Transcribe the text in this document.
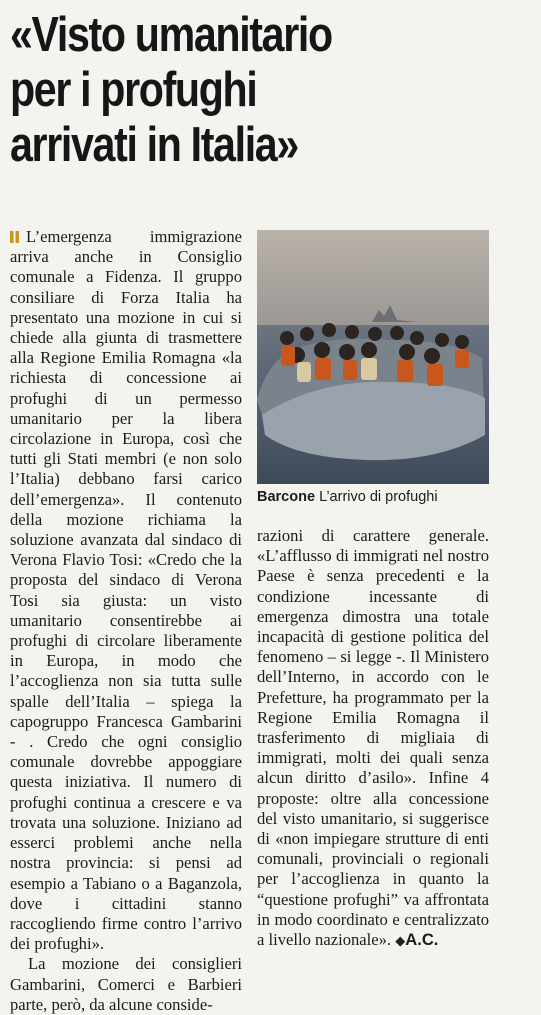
«Visto umanitario
per i profughi
arrivati in Italia»

L’emergenza immigrazione arriva anche in Consiglio comunale a Fidenza. Il gruppo consiliare di Forza Italia ha presentato una mozione in cui si chiede alla giunta di trasmettere alla Regione Emilia Romagna «la richiesta di concessione ai profughi di un permesso umanitario per la libera circolazione in Europa, così che tutti gli Stati membri (e non solo l’Italia) debbano farsi carico dell’emergenza». Il contenuto della mozione richiama la soluzione avanzata dal sindaco di Verona Flavio Tosi: «Credo che la proposta del sindaco di Verona Tosi sia giusta: un visto umanitario consentirebbe ai profughi di circolare liberamente in Europa, in modo che l’accoglienza non sia tutta sulle spalle dell’Italia – spiega la capogruppo Francesca Gambarini - . Credo che ogni consiglio comunale dovrebbe appoggiare questa iniziativa. Il numero di profughi continua a crescere e va trovata una soluzione. Iniziano ad esserci problemi anche nella nostra provincia: si pensi ad esempio a Tabiano o a Baganzola, dove i cittadini stanno raccogliendo firme contro l’arrivo dei profughi».

La mozione dei consiglieri Gambarini, Comerci e Barbieri parte, però, da alcune conside-

Barcone L’arrivo di profughi

razioni di carattere generale. «L’afflusso di immigrati nel nostro Paese è senza precedenti e la condizione incessante di emergenza dimostra una totale incapacità di gestione politica del fenomeno – si legge -. Il Ministero dell’Interno, in accordo con le Prefetture, ha programmato per la Regione Emilia Romagna il trasferimento di migliaia di immigrati, molti dei quali senza alcun diritto d’asilo». Infine 4 proposte: oltre alla concessione del visto umanitario, si suggerisce di «non impiegare strutture di enti comunali, provinciali o regionali per l’accoglienza in quanto la “questione profughi” va affrontata in modo coordinato e centralizzato a livello nazionale». ◆A.C.
